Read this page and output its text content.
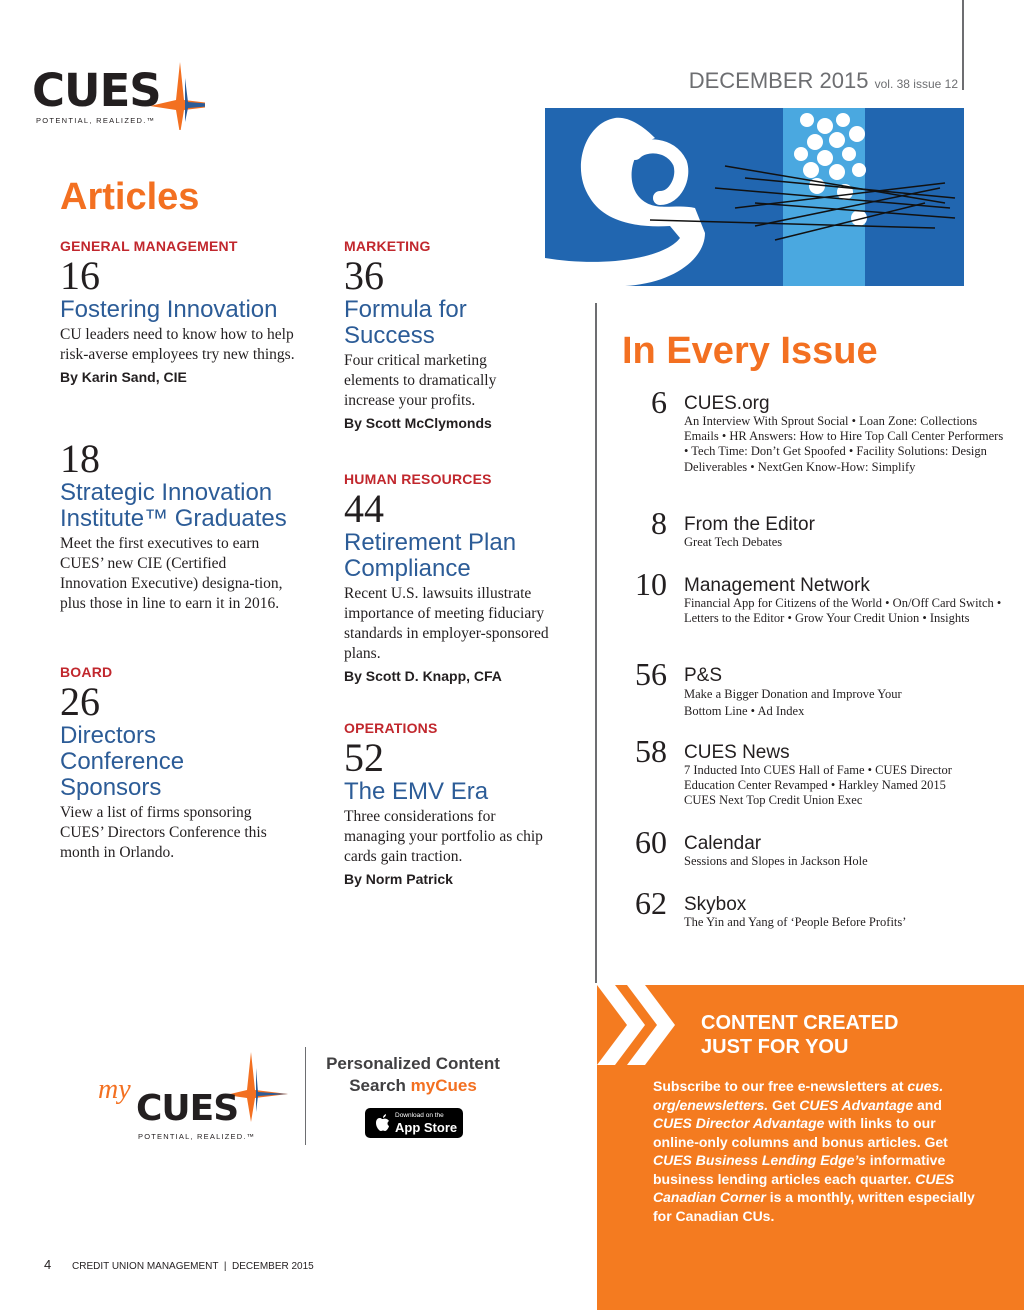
CUES
POTENTIAL, REALIZED.™
DECEMBER 2015 vol. 38 issue 12
Articles
GENERAL MANAGEMENT
16
Fostering Innovation
CU leaders need to know how to help risk-averse employees try new things.
By Karin Sand, CIE
18
Strategic Innovation Institute™ Graduates
Meet the first executives to earn CUES’ new CIE (Certified Innovation Executive) designa-tion, plus those in line to earn it in 2016.
BOARD
26
Directors Conference Sponsors
View a list of firms sponsoring CUES’ Directors Conference this month in Orlando.
MARKETING
36
Formula for Success
Four critical marketing elements to dramatically increase your profits.
By Scott McClymonds
HUMAN RESOURCES
44
Retirement Plan Compliance
Recent U.S. lawsuits illustrate importance of meeting fiduciary standards in employer-sponsored plans.
By Scott D. Knapp, CFA
OPERATIONS
52
The EMV Era
Three considerations for managing your portfolio as chip cards gain traction.
By Norm Patrick
In Every Issue
6 CUES.org
An Interview With Sprout Social • Loan Zone: Collections Emails • HR Answers: How to Hire Top Call Center Performers • Tech Time: Don’t Get Spoofed • Facility Solutions: Design Deliverables • NextGen Know-How: Simplify
8 From the Editor
Great Tech Debates
10 Management Network
Financial App for Citizens of the World • On/Off Card Switch • Letters to the Editor • Grow Your Credit Union • Insights
56 P&S
Make a Bigger Donation and Improve Your Bottom Line • Ad Index
58 CUES News
7 Inducted Into CUES Hall of Fame • CUES Director Education Center Revamped • Harkley Named 2015 CUES Next Top Credit Union Exec
60 Calendar
Sessions and Slopes in Jackson Hole
62 Skybox
The Yin and Yang of ‘People Before Profits’
CONTENT CREATED
JUST FOR YOU
Subscribe to our free e-newsletters at cues. org/enewsletters. Get CUES Advantage and CUES Director Advantage with links to our online-only columns and bonus articles. Get CUES Business Lending Edge’s informative business lending articles each quarter. CUES Canadian Corner is a monthly, written especially for Canadian CUs.
my CUES
POTENTIAL, REALIZED.™
Personalized Content
Search myCues
Download on the
App Store
4 CREDIT UNION MANAGEMENT  |  DECEMBER 2015
